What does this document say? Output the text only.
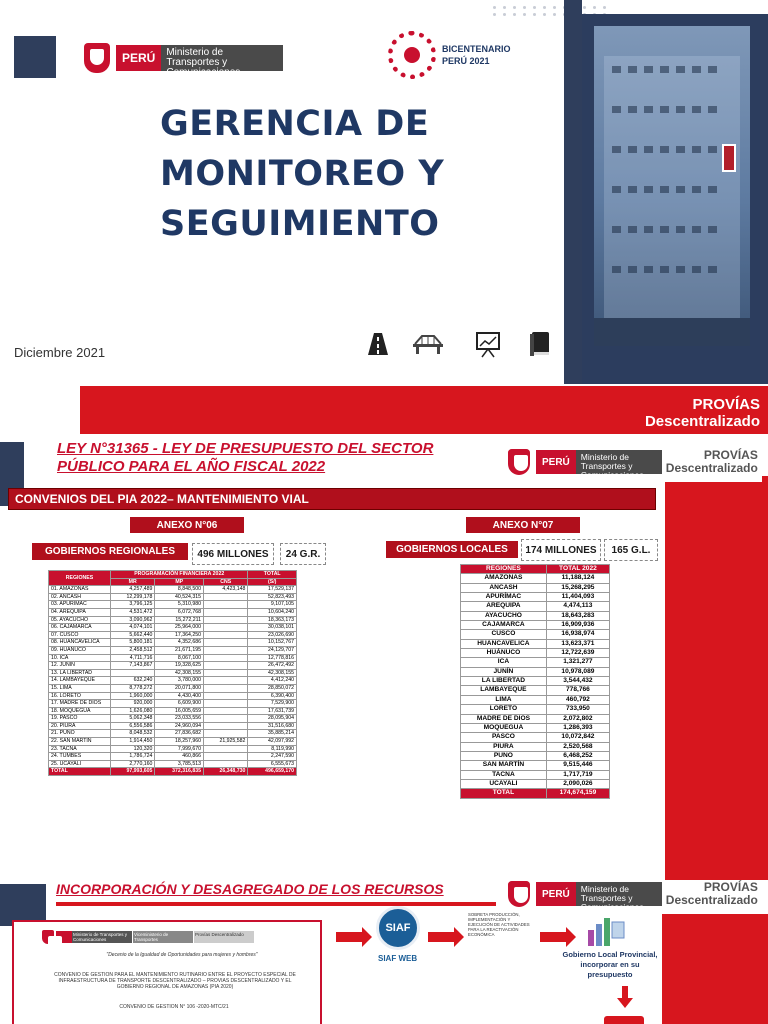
PERÚ	Ministerio de Transportes y Comunicaciones
BICENTENARIO
PERÚ 2021
GERENCIA DE
MONITOREO Y
SEGUIMIENTO
Diciembre 2021
PROVÍAS
Descentralizado
LEY N°31365 - LEY DE PRESUPUESTO DEL SECTOR
PÚBLICO PARA EL AÑO FISCAL 2022	PERÚ	Ministerio de Transportes y Comunicaciones
PROVÍAS
Descentralizado
CONVENIOS DEL PIA 2022– MANTENIMIENTO VIAL
ANEXO N°06	ANEXO N°07
GOBIERNOS REGIONALES	496 MILLONES	24 G.R.	GOBIERNOS LOCALES	174 MILLONES	165 G.L.
REGIONES	PROGRAMACIÓN FINANCIERA 2022			TOTAL
	MR	MP	CNS	(S/)
01. AMAZONAS	4,257,489	8,848,500	4,423,148	17,529,137
02. ANCASH	12,299,178	40,524,315		52,823,493
03. APURIMAC	3,796,125	5,310,980		9,107,105
04. AREQUIPA	4,531,472	6,072,768		10,604,240
05. AYACUCHO	3,090,962	15,272,211		18,363,173
06. CAJAMARCA	4,074,101	25,964,000		30,038,101
07. CUSCO	5,662,440	17,364,250		23,026,690
08. HUANCAVELICA	5,800,181	4,352,686		10,152,767
09. HUANUCO	2,458,512	21,671,195		24,129,707
10. ICA	4,711,716	8,067,100		12,778,816
12. JUNIN	7,143,867	19,328,625		26,472,492
13. LA LIBERTAD		42,308,155		42,308,155
14. LAMBAYEQUE	632,240	3,780,000		4,412,240
15. LIMA	8,778,272	20,071,800		28,850,072
16. LORETO	1,960,000	4,430,400		6,390,400
17. MADRE DE DIOS	920,000	6,609,900		7,529,900
18. MOQUEGUA	1,626,080	16,005,659		17,631,739
19. PASCO	5,062,348	23,033,556		28,095,904
20. PIURA	6,556,586	24,960,094		31,516,680
21. PUNO	8,048,532	27,836,682		35,885,214
22. SAN MARTIN	1,914,450	18,257,960	21,925,582	42,097,992
23. TACNA	120,320	7,999,670		8,119,990
24. TUMBES	1,786,724	460,866		2,247,590
25. UCAYALI	2,770,160	3,785,513		6,555,673
TOTAL	97,993,605	372,316,835	26,348,730	496,659,170
REGIONES	TOTAL 2022
AMAZONAS	11,188,124
ANCASH	15,268,295
APURÍMAC	11,404,093
AREQUIPA	4,474,113
AYACUCHO	18,643,283
CAJAMARCA	16,909,936
CUSCO	16,938,974
HUANCAVELICA	13,623,371
HUÁNUCO	12,722,639
ICA	1,321,277
JUNÍN	10,978,089
LA LIBERTAD	3,544,432
LAMBAYEQUE	778,766
LIMA	460,792
LORETO	733,950
MADRE DE DIOS	2,072,802
MOQUEGUA	1,286,393
PASCO	10,072,842
PIURA	2,520,568
PUNO	6,468,252
SAN MARTÍN	9,515,446
TACNA	1,717,719
UCAYALI	2,090,026
TOTAL	174,674,159
INCORPORACIÓN Y DESAGREGADO DE LOS RECURSOS	PERÚ	Ministerio de Transportes y Comunicaciones
PROVÍAS
Descentralizado
Ministerio de Transportes y Comunicaciones
Viceministerio de Transportes
Provías Descentralizado
"Decenio de la Igualdad de Oportunidades para mujeres y hombres"
CONVENIO DE GESTION PARA EL MANTENIMIENTO RUTINARIO ENTRE EL PROYECTO ESPECIAL DE INFRAESTRUCTURA DE TRANSPORTE DESCENTRALIZADO – PROVIAS DESCENTRALIZADO Y EL GOBIERNO REGIONAL DE AMAZONAS (PIA 2020)
CONVENIO DE GESTION N° 106 -2020-MTC/21
SIAF
SIAF WEB
SOBRETA PRODUCCIÓN, IMPLEMENTACIÓN Y EJECUCIÓN DE ACTIVIDADES PARA LA REACTIVACIÓN ECONÓMICA
Gobierno Local Provincial, incorporar en su presupuesto
